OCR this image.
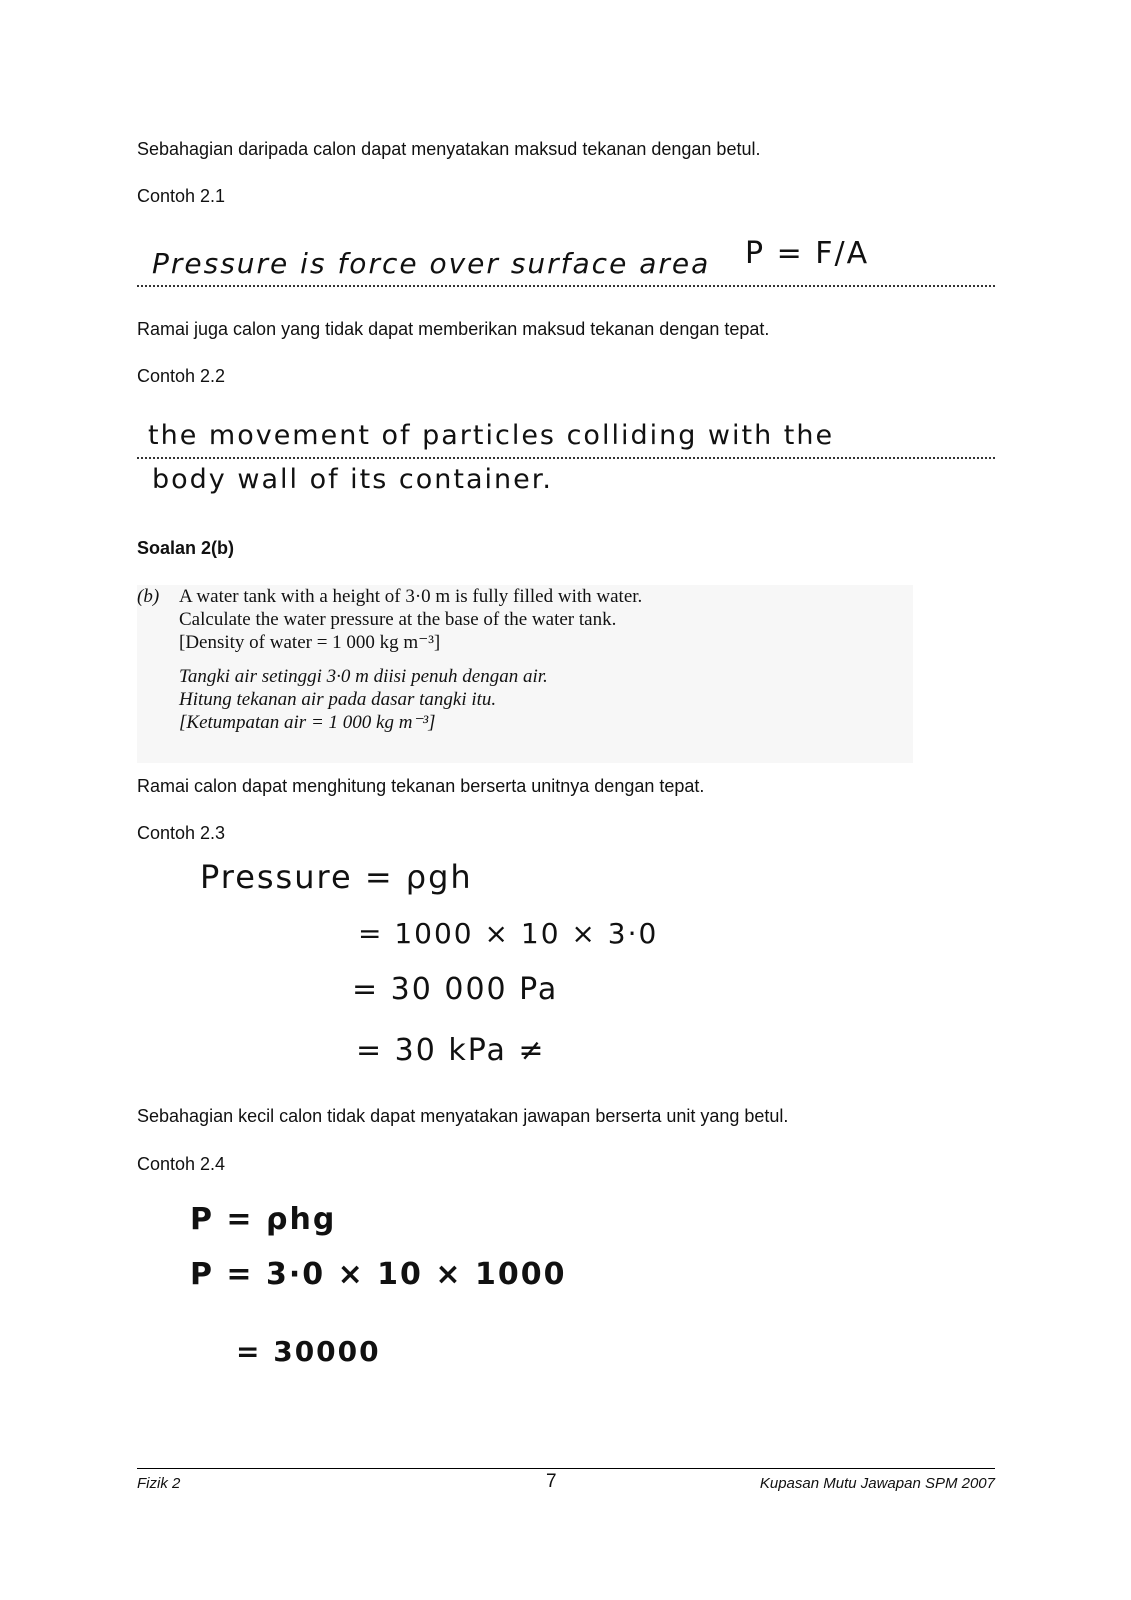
Sebahagian daripada calon dapat menyatakan maksud tekanan dengan betul.
Contoh 2.1
Pressure is force over surface area P = F/A
Ramai juga calon yang tidak dapat memberikan maksud tekanan dengan tepat.
Contoh 2.2
the movement of particles colliding with the
body wall of its container.
Soalan 2(b)
(b) A water tank with a height of 3·0 m is fully filled with water.
Calculate the water pressure at the base of the water tank.
[Density of water = 1 000 kg m⁻³]
Tangki air setinggi 3·0 m diisi penuh dengan air.
Hitung tekanan air pada dasar tangki itu.
[Ketumpatan air = 1 000 kg m⁻³]
Ramai calon dapat menghitung tekanan berserta unitnya dengan tepat.
Contoh 2.3
Pressure = ρgh
= 1000 × 10 × 3·0
= 30 000 Pa
= 30 kPa ≠
Sebahagian kecil calon tidak dapat menyatakan jawapan berserta unit yang betul.
Contoh 2.4
P = ρhg
P = 3·0 × 10 × 1000
= 30000
Fizik 2	7	Kupasan Mutu Jawapan SPM 2007
